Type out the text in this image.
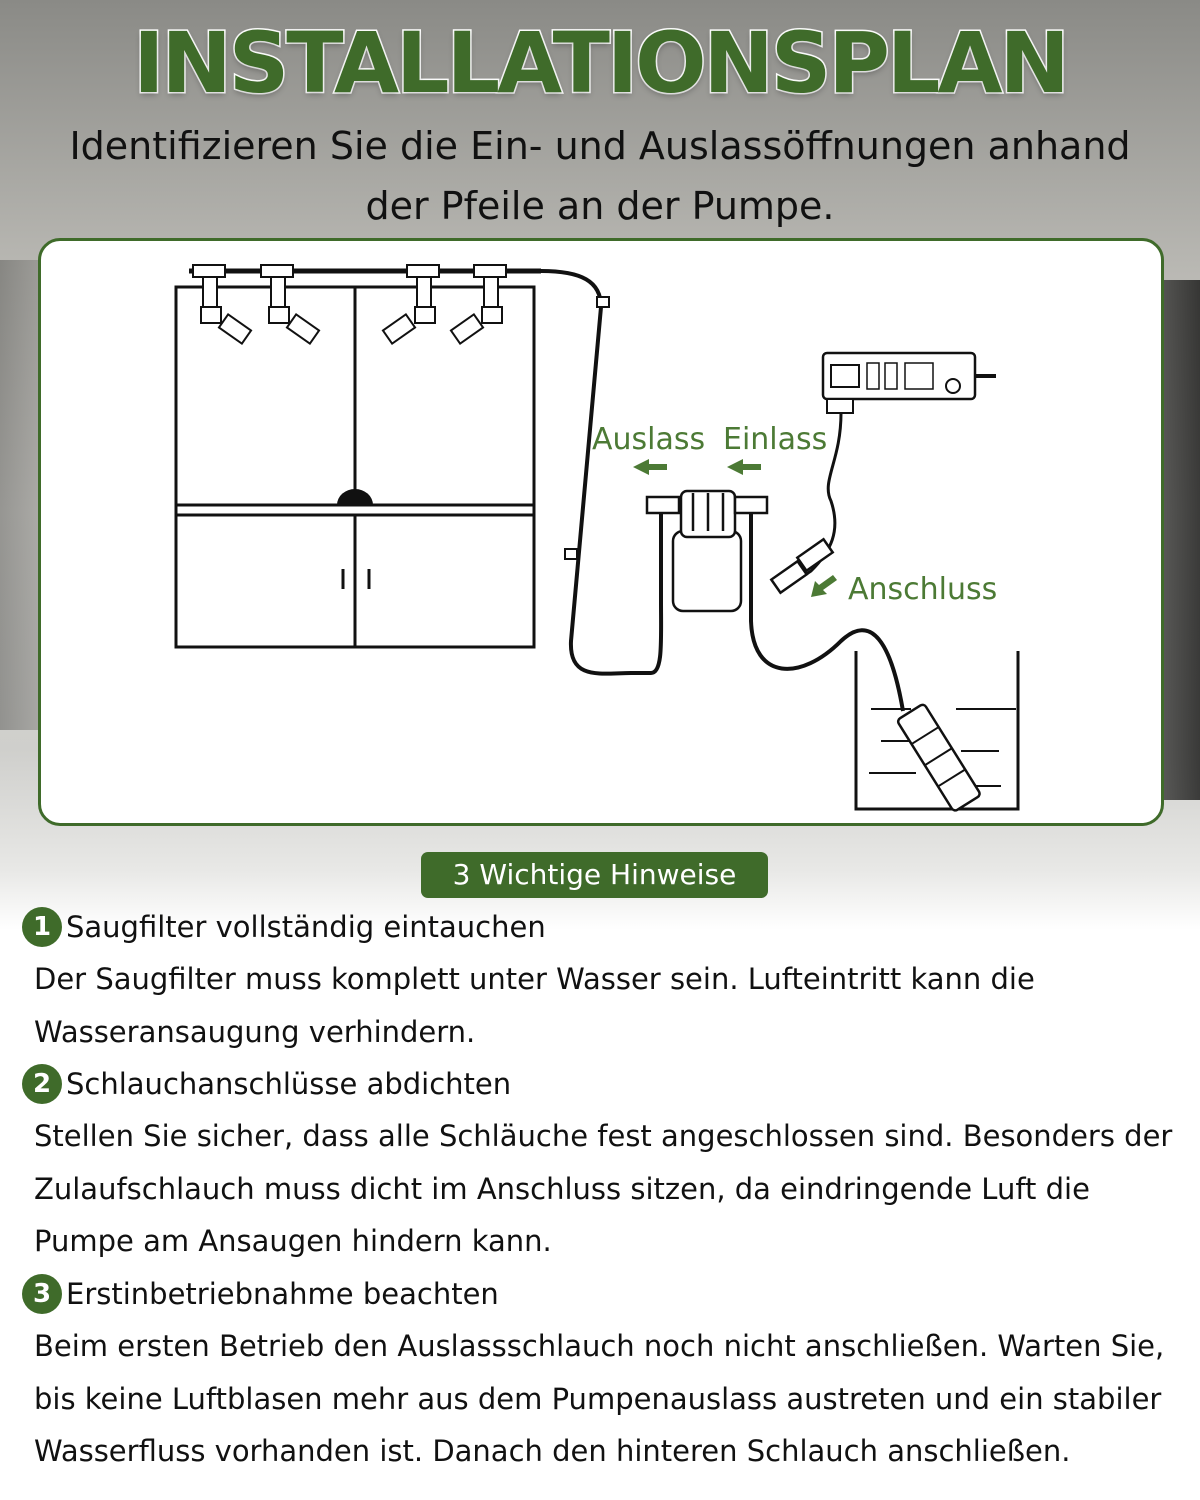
INSTALLATIONSPLAN
Identifizieren Sie die Ein- und Auslassöffnungen anhand der Pfeile an der Pumpe.
Auslass Einlass
Anschluss
3 Wichtige Hinweise
1 Saugfilter vollständig eintauchen
Der Saugfilter muss komplett unter Wasser sein. Lufteintritt kann die Wasseransaugung verhindern.
2 Schlauchanschlüsse abdichten
Stellen Sie sicher, dass alle Schläuche fest angeschlossen sind. Besonders der Zulaufschlauch muss dicht im Anschluss sitzen, da eindringende Luft die Pumpe am Ansaugen hindern kann.
3 Erstinbetriebnahme beachten
Beim ersten Betrieb den Auslassschlauch noch nicht anschließen. Warten Sie, bis keine Luftblasen mehr aus dem Pumpenauslass austreten und ein stabiler Wasserfluss vorhanden ist. Danach den hinteren Schlauch anschließen.
